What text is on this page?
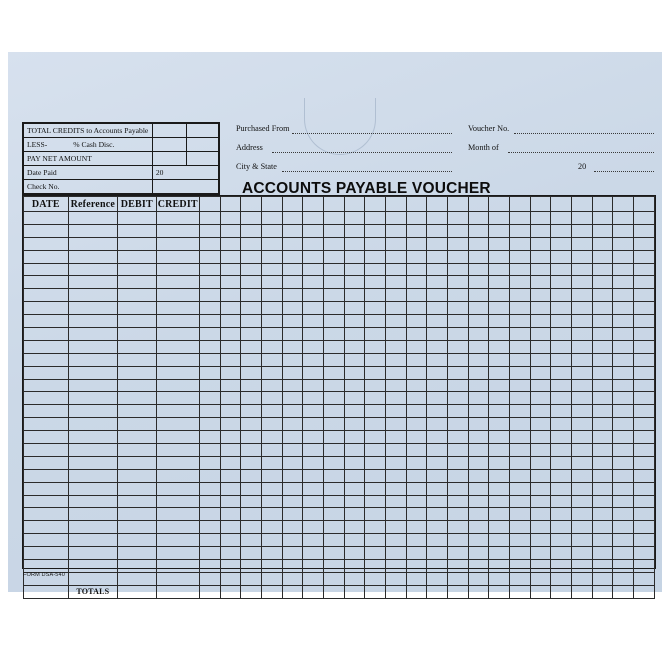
TOTAL CREDITS to Accounts Payable		
LESS- % Cash Disc.		
PAY NET AMOUNT		
Date Paid	20	
Check No.		
Purchased From	Voucher No.
Address	Month of
City & State	20
ACCOUNTS PAYABLE VOUCHER
DATE	Reference	DEBIT	CREDIT																						

	TOTALS																								
FORM DSA-540
